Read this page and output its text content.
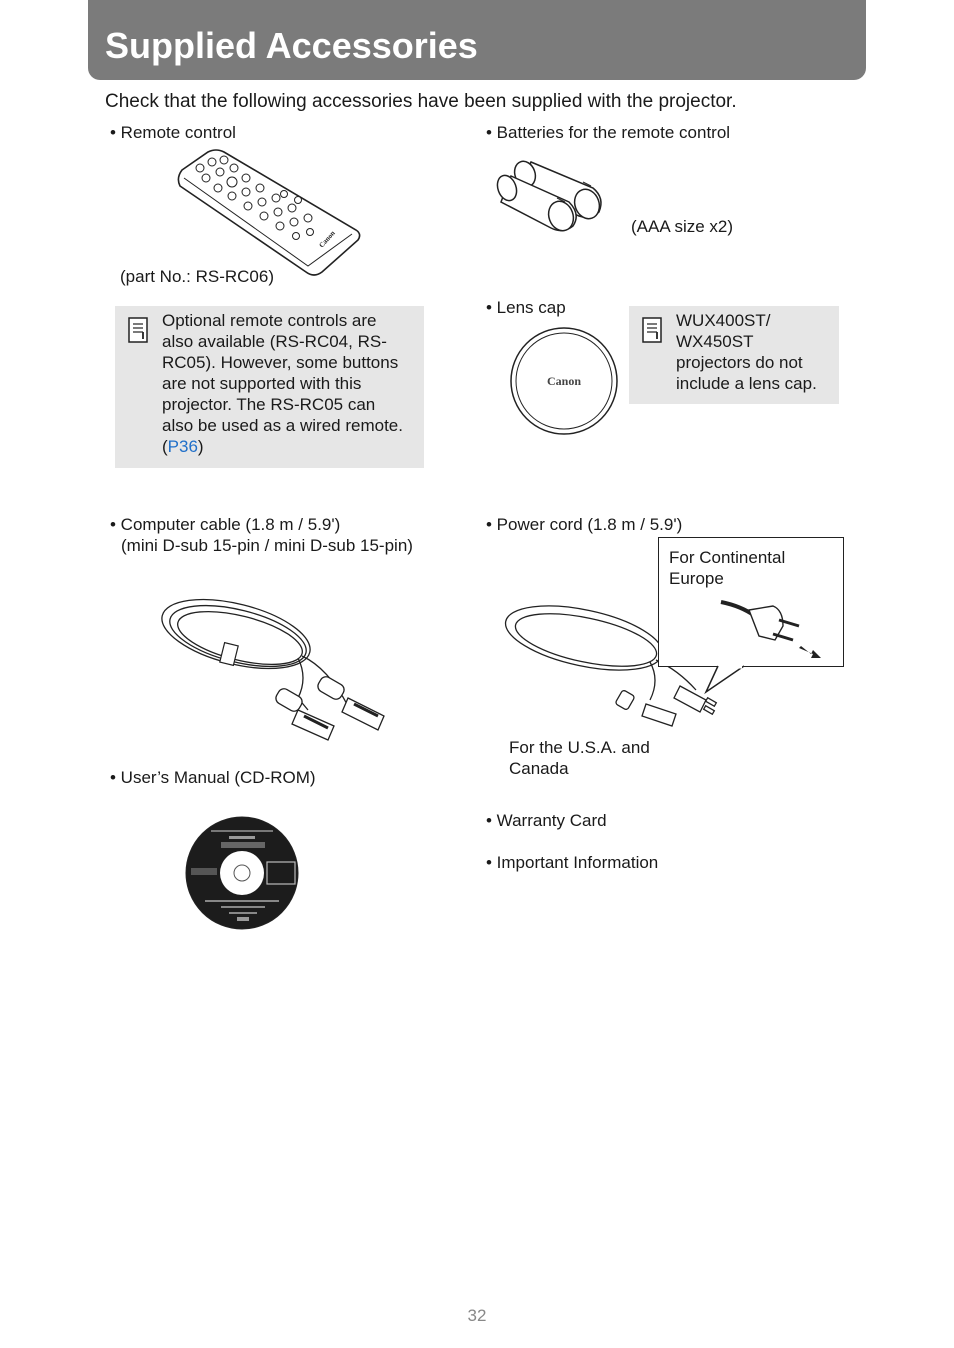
Supplied Accessories
Check that the following accessories have been supplied with the projector.
• Remote control
Canon
(part No.: RS-RC06)
Optional remote controls are
also available (RS-RC04, RS-
RC05). However, some buttons
are not supported with this
projector. The RS-RC05 can
also be used as a wired remote.
(P36)
• Batteries for the remote control
(AAA size x2)
• Lens cap
Canon
WUX400ST/
WX450ST
projectors do not
include a lens cap.
• Computer cable (1.8 m / 5.9')
(mini D-sub 15-pin / mini D-sub 15-pin)
• Power cord (1.8 m / 5.9')
For Continental
Europe
For the U.S.A. and
Canada
• User’s Manual (CD-ROM)
• Warranty Card
• Important Information
32
